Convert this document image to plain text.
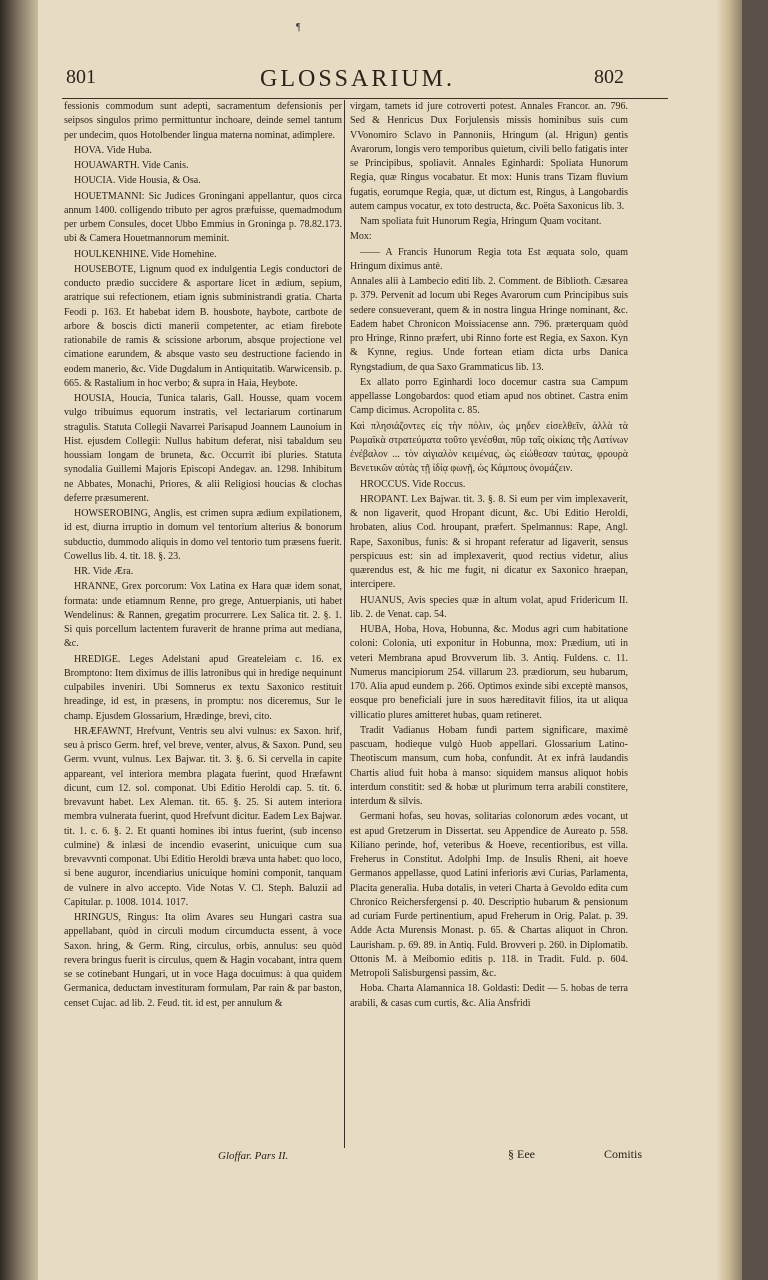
¶
801	GLOSSARIUM.	802

fessionis commodum sunt adepti, sacramentum defensionis per seipsos singulos primo permittuntur inchoare, deinde semel tantum per undecim, quos Hotolbender lingua materna nominat, adimplere.

HOVA. Vide Huba.

HOUAWARTH. Vide Canis.

HOUCIA. Vide Housia, & Osa.

HOUETMANNI: Sic Judices Groningani appellantur, quos circa annum 1400. colligendo tributo per agros præfuisse, quemadmodum per urbem Consules, docet Ubbo Emmius in Groninga p. 78.82.173. ubi & Camera Houetmannorum meminit.

HOULKENHINE. Vide Homehine.

HOUSEBOTE, Lignum quod ex indulgentia Legis conductori de conducto prædio succidere & asportare licet in ædium, sepium, aratrique sui refectionem, etiam ignis subministrandi gratia. Charta Feodi p. 163. Et habebat idem B. housbote, haybote, cartbote de arbore & boscis dicti manerii competenter, ac etiam firebote rationabile de ramis & scissione arborum, absque projectione vel cimatione earundem, & absque vasto seu destructione faciendo in eodem manerio, &c. Vide Dugdalum in Antiquitatib. Warwicensib. p. 665. & Rastalium in hoc verbo; & supra in Haia, Heybote.

HOUSIA, Houcia, Tunica talaris, Gall. Housse, quam vocem vulgo tribuimus equorum instratis, vel lectariarum cortinarum stragulis. Statuta Collegii Navarrei Parisapud Joannem Launoium in Hist. ejusdem Collegii: Nullus habitum deferat, nisi tabaldum seu houssiam longam de bruneta, &c. Occurrit ibi pluries. Statuta synodalia Guillemi Majoris Episcopi Andegav. an. 1298. Inhibitum ne Abbates, Monachi, Priores, & alii Religiosi houcias & clochas deferre præsumerent.

HOWSEROBING, Anglis, est crimen supra ædium expilationem, id est, diurna irruptio in domum vel tentorium alterius & bonorum subductio, dummodo aliquis in domo vel tentorio tum præsens fuerit. Cowellus lib. 4. tit. 18. §. 23.

HR. Vide Æra.

HRANNE, Grex porcorum: Vox Latina ex Hara quæ idem sonat, formata: unde etiamnum Renne, pro grege, Antuerpianis, uti habet Wendelinus: & Rannen, gregatim procurrere. Lex Salica tit. 2. §. 1. Si quis porcellum lactentem furaverit de hranne prima aut mediana, &c.

HREDIGE. Leges Adelstani apud Greateleiam c. 16. ex Bromptono: Item diximus de illis latronibus qui in hredige nequinunt culpabiles inveniri. Ubi Somnerus ex textu Saxonico restituit hreadinge, id est, in præsens, in promptu: nos diceremus, Sur le champ. Ejusdem Glossarium, Hrædinge, brevi, cito.

HRÆFAWNT, Hrefvunt, Ventris seu alvi vulnus: ex Saxon. hrif, seu à prisco Germ. href, vel breve, venter, alvus, & Saxon. Pund, seu Germ. vvunt, vulnus. Lex Bajwar. tit. 3. §. 6. Si cervella in capite appareant, vel interiora membra plagata fuerint, quod Hræfawnt dicunt, cum 12. sol. componat. Ubi Editio Heroldi cap. 5. tit. 6. brevavunt habet. Lex Aleman. tit. 65. §. 25. Si autem interiora membra vulnerata fuerint, quod Hrefvunt dicitur. Eadem Lex Bajwar. tit. 1. c. 6. §. 2. Et quanti homines ibi intus fuerint, (sub incenso culmine) & inlæsi de incendio evaserint, unicuique cum sua brevavvnti componat. Ubi Editio Heroldi bræva unta habet: quo loco, si bene auguror, incendiarius unicuique homini componit, tanquam de vulnere in alvo accepto. Vide Notas V. Cl. Steph. Baluzii ad Capitular. p. 1008. 1014. 1017.

HRINGUS, Ringus: Ita olim Avares seu Hungari castra sua appellabant, quòd in circuli modum circumducta essent, à voce Saxon. hring, & Germ. Ring, circulus, orbis, annulus: seu quòd revera bringus fuerit is circulus, quem & Hagin vocabant, intra quem se se cotinebant Hungari, ut in voce Haga docuimus: à qua quidem Germanica, deductam investituram formulam, Par rain & par baston, censet Cujac. ad lib. 2. Feud. tit. id est, per annulum &

virgam, tamets id jure cotroverti potest. Annales Francor. an. 796. Sed & Henricus Dux Forjulensis missis hominibus suis cum VVonomiro Sclavo in Pannoniis, Hringum (al. Hrigun) gentis Avarorum, longis vero temporibus quietum, civili bello fatigatis inter se Principibus, spoliavit. Annales Eginhardi: Spoliata Hunorum Regia, quæ Ringus vocabatur. Et mox: Hunis trans Tizam fluvium fugatis, eorumque Regia, quæ, ut dictum est, Ringus, à Langobardis autem campus vocatur, ex toto destructa, &c. Poëta Saxonicus lib. 3.

Nam spoliata fuit Hunorum Regia, Hringum Quam vocitant.

Mox:

—— A Francis Hunorum Regia tota Est æquata solo, quam Hringum diximus antè.

Annales alii à Lambecio editi lib. 2. Comment. de Biblioth. Cæsarea p. 379. Pervenit ad locum ubi Reges Avarorum cum Principibus suis sedere consueverant, quem & in nostra lingua Hringe nominant, &c. Eadem habet Chronicon Moissiacense ann. 796. præterquam quòd pro Hringe, Rinno præfert, ubi Rinno forte est Regia, ex Saxon. Kyn & Kynne, regius. Unde fortean etiam dicta urbs Danica Ryngstadium, de qua Saxo Grammaticus lib. 13.

Ex allato porro Eginhardi loco docemur castra sua Campum appellasse Longobardos: quod etiam apud nos obtinet. Castra enim Camp dicimus. Acropolita c. 85.

Καὶ πλησιάζοντες εἰς τὴν πόλιν, ὡς μηδεν εἰσελθεῖν, ἀλλὰ τὰ Ρωμαϊκὰ στρατεύματα τοῦτο γενέσθαι, πῦρ ταῖς οἰκίαις τῆς Λατίνων ἐνέβαλον ... τὸν αἰγιαλὸν κειμένας, ὡς εἰώθεσαν ταύτας, φρουρὰ Βενετικῶν αὐτὰς τῇ ἰδίᾳ φωνῇ, ὡς Κάμπους ὀνομάζειν.

HROCCUS. Vide Roccus.

HROPANT. Lex Bajwar. tit. 3. §. 8. Si eum per vim implexaverit, & non ligaverit, quod Hropant dicunt, &c. Ubi Editio Heroldi, hrobaten, alius Cod. hroupant, præfert. Spelmannus: Rape, Angl. Rape, Saxonibus, funis: & si hropant referatur ad ligaverit, sensus perspicuus est: sin ad implexaverit, quod rectius videtur, alius quærendus est, & hic me fugit, ni dicatur ex Saxonico hraepan, intercipere.

HUANUS, Avis species quæ in altum volat, apud Fridericum II. lib. 2. de Venat. cap. 54.

HUBA, Hoba, Hova, Hobunna, &c. Modus agri cum habitatione coloni: Colonia, uti exponitur in Hobunna, mox: Prædium, uti in veteri Membrana apud Brovverum lib. 3. Antiq. Fuldens. c. 11. Numerus mancipiorum 254. villarum 23. prædiorum, seu hubarum, 170. Alia apud eundem p. 266. Optimos exinde sibi exceptè mansos, eosque pro beneficiali jure in suos hæreditavit filios, ita ut aliqua villicatio plures amitteret hubas, quam retineret.

Tradit Vadianus Hobam fundi partem significare, maximè pascuam, hodieque vulgò Huob appellari. Glossarium Latino-Theotiscum mansum, cum hoba, confundit. At ex infrà laudandis Chartis aliud fuit hoba à manso: siquidem mansus aliquot hobis interdum constitit: sed & hobæ ut plurimum terra arabili constitere, interdum & silvis.

Germani hofas, seu hovas, solitarias colonorum ædes vocant, ut est apud Gretzerum in Dissertat. seu Appendice de Aureato p. 558. Kiliano perinde, hof, veteribus & Hoeve, recentioribus, est villa. Freherus in Constitut. Adolphi Imp. de Insulis Rheni, ait hoeve Germanos appellasse, quod Latini inferioris ævi Curias, Parlamenta, Placita generalia. Huba dotalis, in veteri Charta à Gevoldo edita cum Chronico Reichersfergensi p. 40. Descriptio hubarum & pensionum ad curiam Furde pertinentium, apud Freherum in Orig. Palat. p. 39. Adde Acta Murensis Monast. p. 65. & Chartas aliquot in Chron. Laurisham. p. 69. 89. in Antiq. Fuld. Brovveri p. 260. in Diplomatib. Ottonis M. à Meibomio editis p. 118. in Tradit. Fuld. p. 604. Metropoli Salisburgensi passim, &c.

Hoba. Charta Alamannica 18. Goldasti: Dedit — 5. hobas de terra arabili, & casas cum curtis, &c. Alia Ansfridi

Gloffar. Pars II.	§ Eee	Comitis
